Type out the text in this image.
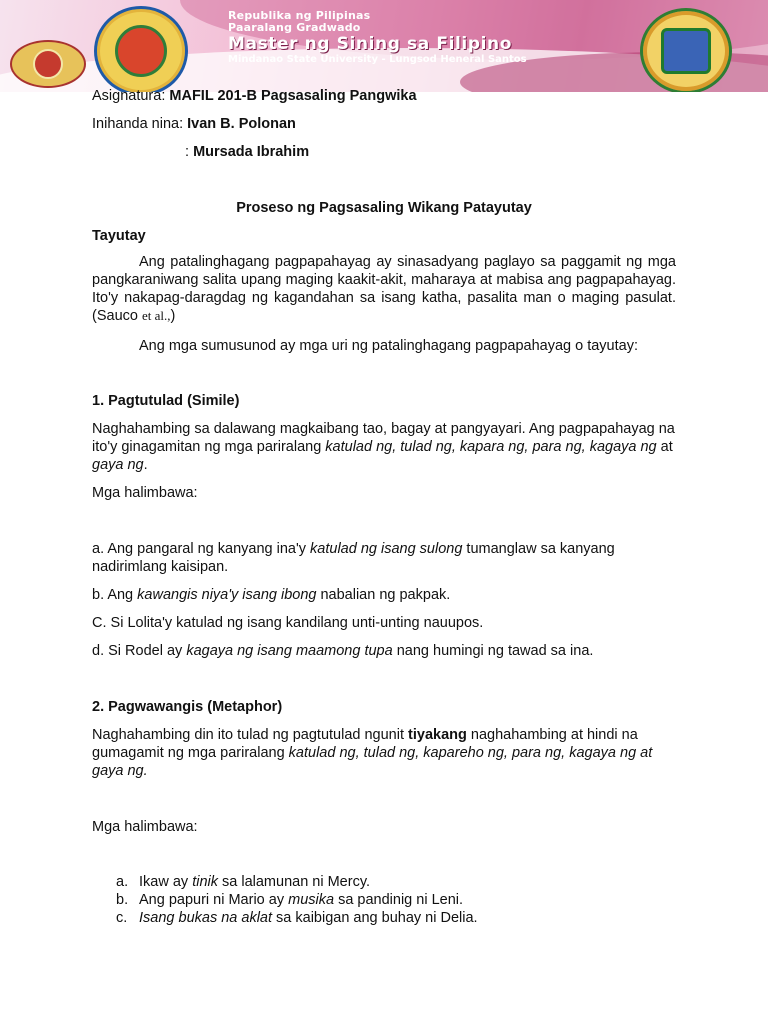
Republika ng Pilipinas
Paaralang Gradwado
Master ng Sining sa Filipino
Mindanao State University - Lungsod Heneral Santos
Asignatura: MAFIL 201-B Pagsasaling Pangwika
Inihanda nina: Ivan B. Polonan
: Mursada Ibrahim
Proseso ng Pagsasaling Wikang Patayutay
Tayutay
Ang patalinghagang pagpapahayag ay sinasadyang paglayo sa paggamit ng mga pangkaraniwang salita upang maging kaakit-akit, maharaya at mabisa ang pagpapahayag. Ito'y nakapag-daragdag ng kagandahan sa isang katha, pasalita man o maging pasulat. (Sauco et al.,)
Ang mga sumusunod ay mga uri ng patalinghagang pagpapahayag o tayutay:
1. Pagtutulad (Simile)
Naghahambing sa dalawang magkaibang tao, bagay at pangyayari. Ang pagpapahayag na ito'y ginagamitan ng mga pariralang katulad ng, tulad ng, kapara ng, para ng, kagaya ng at gaya ng.
Mga halimbawa:
a. Ang pangaral ng kanyang ina'y katulad ng isang sulong tumanglaw sa kanyang
nadirimlang kaisipan.
b. Ang kawangis niya'y isang ibong nabalian ng pakpak.
C. Si Lolita'y katulad ng isang kandilang unti-unting nauupos.
d. Si Rodel ay kagaya ng isang maamong tupa nang humingi ng tawad sa ina.
2. Pagwawangis (Metaphor)
Naghahambing din ito tulad ng pagtutulad ngunit tiyakang naghahambing at hindi na gumagamit ng mga pariralang katulad ng, tulad ng, kapareho ng, para ng, kagaya ng at gaya ng.
Mga halimbawa:
a. Ikaw ay tinik sa lalamunan ni Mercy.
b. Ang papuri ni Mario ay musika sa pandinig ni Leni.
c. Isang bukas na aklat sa kaibigan ang buhay ni Delia.
